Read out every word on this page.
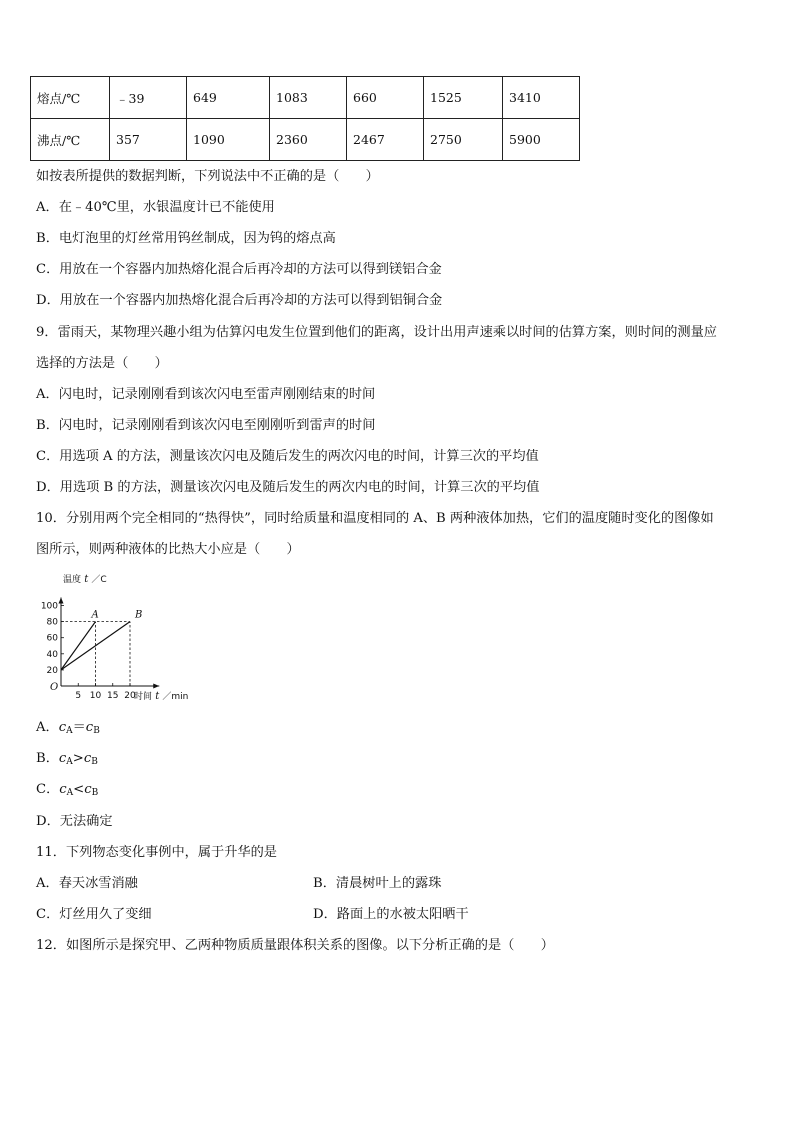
熔点/℃	﹣39	649	1083	660	1525	3410
沸点/℃	357	1090	2360	2467	2750	5900
如按表所提供的数据判断，下列说法中不正确的是（　　）
A．在﹣40℃里，水银温度计已不能使用
B．电灯泡里的灯丝常用钨丝制成，因为钨的熔点高
C．用放在一个容器内加热熔化混合后再冷却的方法可以得到镁铝合金
D．用放在一个容器内加热熔化混合后再冷却的方法可以得到铝铜合金
9．雷雨天，某物理兴趣小组为估算闪电发生位置到他们的距离，设计出用声速乘以时间的估算方案，则时间的测量应
选择的方法是（　　）
A．闪电时，记录刚刚看到该次闪电至雷声刚刚结束的时间
B．闪电时，记录刚刚看到该次闪电至刚刚听到雷声的时间
C．用选项 A 的方法，测量该次闪电及随后发生的两次闪电的时间，计算三次的平均值
D．用选项 B 的方法，测量该次闪电及随后发生的两次内电的时间，计算三次的平均值
10．分别用两个完全相同的“热得快”，同时给质量和温度相同的 A、B 两种液体加热，它们的温度随时变化的图像如
图所示，则两种液体的比热大小应是（　　）
5 10 15 20
20
40
60
80
100
A	B
O
温度 t ／C
时间 t ／min
A．$c_A=c_B$
B．$c_A>c_B$
C．$c_A<c_B$
D．无法确定
11．下列物态变化事例中，属于升华的是
A．春天冰雪消融	B．清晨树叶上的露珠
C．灯丝用久了变细	D．路面上的水被太阳晒干
12．如图所示是探究甲、乙两种物质质量跟体积关系的图像。以下分析正确的是（　　）
